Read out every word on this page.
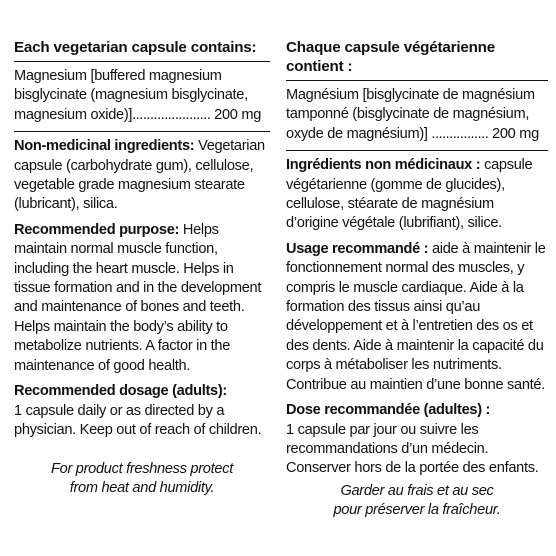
Each vegetarian capsule contains:

Magnesium [buffered magnesium

bisglycinate (magnesium bisglycinate,

magnesium oxide)]...................... 200 mg

Non-medicinal ingredients: Vegetarian capsule (carbohydrate gum), cellulose, vegetable grade magnesium stearate (lubricant), silica.

Recommended purpose: Helps maintain normal muscle function, including the heart muscle. Helps in tissue formation and in the development and maintenance of bones and teeth. Helps maintain the body’s ability to metabolize nutrients. A factor in the maintenance of good health.

Recommended dosage (adults):

1 capsule daily or as directed by a physician. Keep out of reach of children.

Chaque capsule végétarienne contient :

Magnésium [bisglycinate de magnésium

tamponné (bisglycinate de magnésium,

oxyde de magnésium)] ................ 200 mg

Ingrédients non médicinaux : capsule végétarienne (gomme de glucides), cellulose, stéarate de magnésium d’origine végétale (lubrifiant), silice.

Usage recommandé : aide à maintenir le fonctionnement normal des muscles, y compris le muscle cardiaque. Aide à la formation des tissus ainsi qu’au développement et à l’entretien des os et des dents. Aide à maintenir la capacité du corps à métaboliser les nutriments. Contribue au maintien d’une bonne santé.

Dose recommandée (adultes) :

1 capsule par jour ou suivre les recommandations d’un médecin. Conserver hors de la portée des enfants.

For product freshness protect
from heat and humidity.	Garder au frais et au sec
pour préserver la fraîcheur.
